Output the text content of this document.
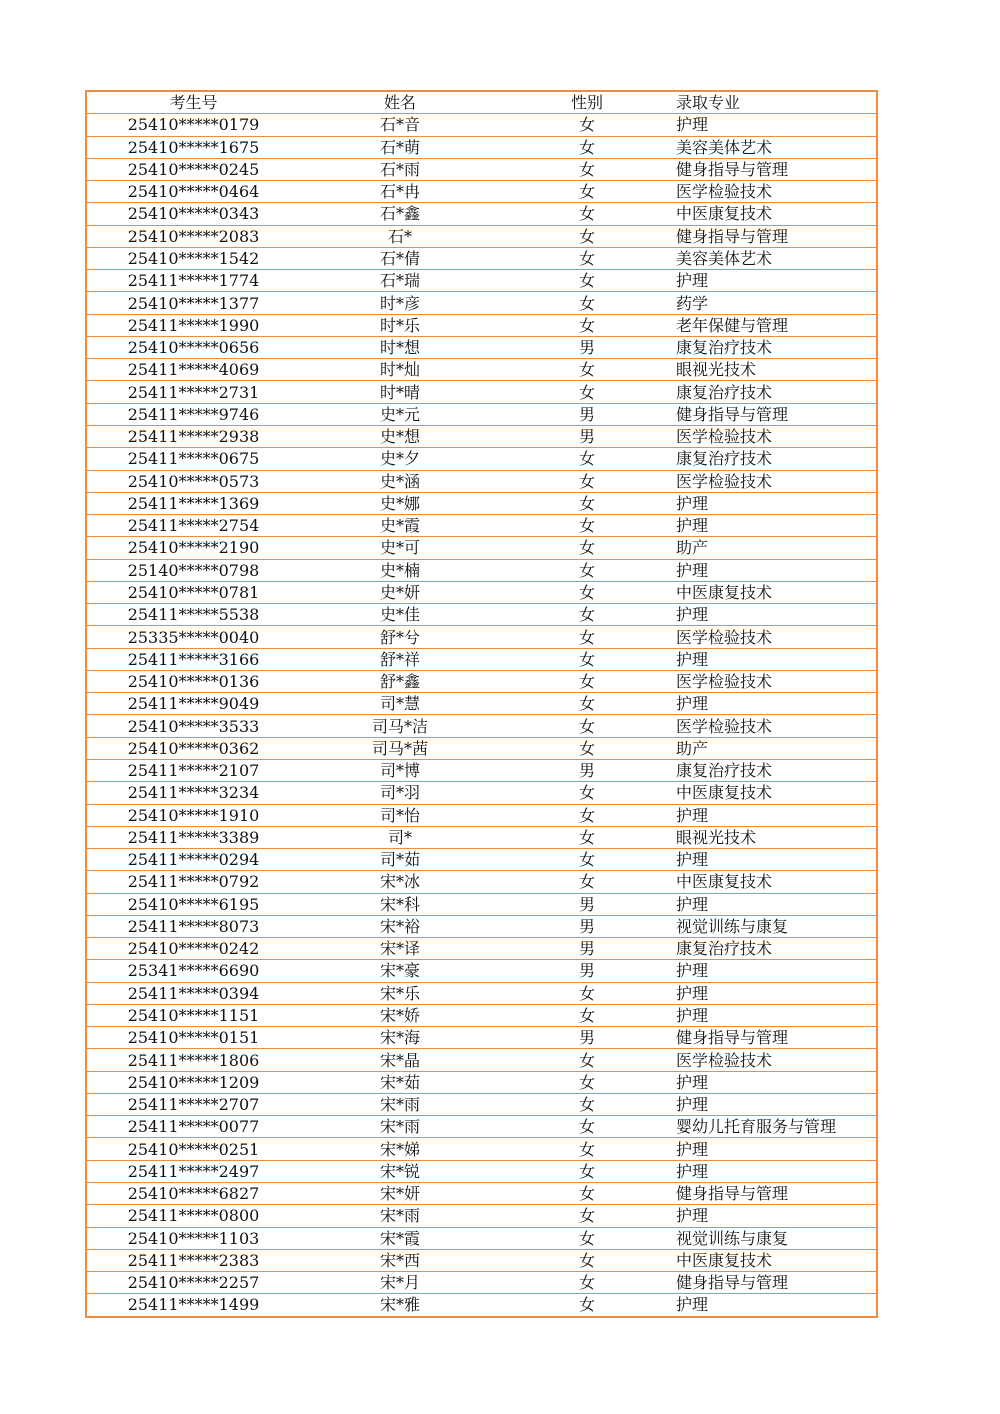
考生号	姓名	性别	录取专业
25410*****0179	石*音	女	护理
25410*****1675	石*萌	女	美容美体艺术
25410*****0245	石*雨	女	健身指导与管理
25410*****0464	石*冉	女	医学检验技术
25410*****0343	石*鑫	女	中医康复技术
25410*****2083	石*	女	健身指导与管理
25410*****1542	石*倩	女	美容美体艺术
25411*****1774	石*瑞	女	护理
25410*****1377	时*彦	女	药学
25411*****1990	时*乐	女	老年保健与管理
25410*****0656	时*想	男	康复治疗技术
25411*****4069	时*灿	女	眼视光技术
25411*****2731	时*晴	女	康复治疗技术
25411*****9746	史*元	男	健身指导与管理
25411*****2938	史*想	男	医学检验技术
25411*****0675	史*夕	女	康复治疗技术
25410*****0573	史*涵	女	医学检验技术
25411*****1369	史*娜	女	护理
25411*****2754	史*霞	女	护理
25410*****2190	史*可	女	助产
25140*****0798	史*楠	女	护理
25410*****0781	史*妍	女	中医康复技术
25411*****5538	史*佳	女	护理
25335*****0040	舒*兮	女	医学检验技术
25411*****3166	舒*祥	女	护理
25410*****0136	舒*鑫	女	医学检验技术
25411*****9049	司*慧	女	护理
25410*****3533	司马*洁	女	医学检验技术
25410*****0362	司马*茜	女	助产
25411*****2107	司*博	男	康复治疗技术
25411*****3234	司*羽	女	中医康复技术
25410*****1910	司*怡	女	护理
25411*****3389	司*	女	眼视光技术
25411*****0294	司*茹	女	护理
25411*****0792	宋*冰	女	中医康复技术
25410*****6195	宋*科	男	护理
25411*****8073	宋*裕	男	视觉训练与康复
25410*****0242	宋*译	男	康复治疗技术
25341*****6690	宋*豪	男	护理
25411*****0394	宋*乐	女	护理
25410*****1151	宋*娇	女	护理
25410*****0151	宋*海	男	健身指导与管理
25411*****1806	宋*晶	女	医学检验技术
25410*****1209	宋*茹	女	护理
25411*****2707	宋*雨	女	护理
25411*****0077	宋*雨	女	婴幼儿托育服务与管理
25410*****0251	宋*娣	女	护理
25411*****2497	宋*锐	女	护理
25410*****6827	宋*妍	女	健身指导与管理
25411*****0800	宋*雨	女	护理
25410*****1103	宋*霞	女	视觉训练与康复
25411*****2383	宋*西	女	中医康复技术
25410*****2257	宋*月	女	健身指导与管理
25411*****1499	宋*雅	女	护理
